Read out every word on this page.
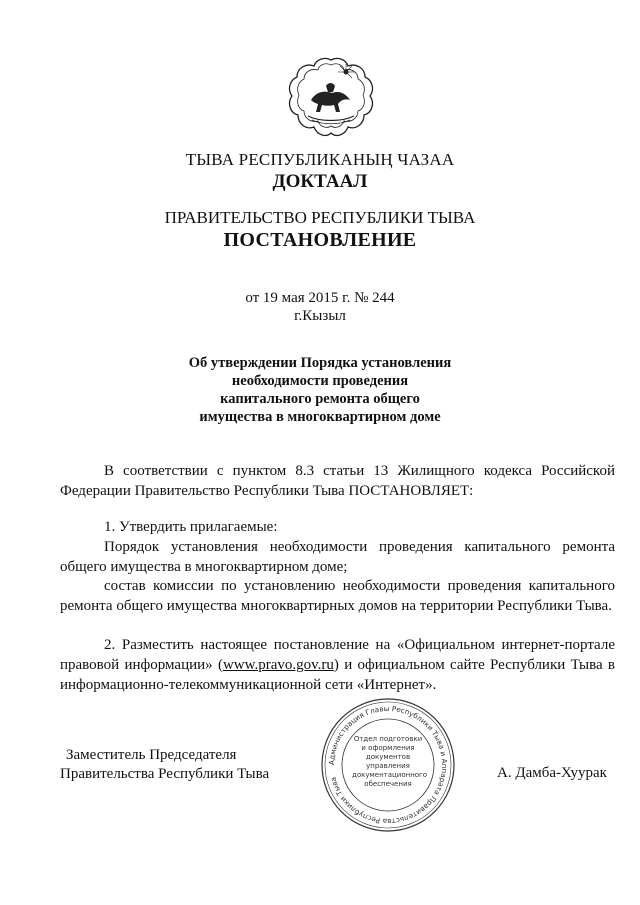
ТЫВА РЕСПУБЛИКАНЫҢ ЧАЗАА
ДОКТААЛ
ПРАВИТЕЛЬСТВО РЕСПУБЛИКИ ТЫВА
ПОСТАНОВЛЕНИЕ
от 19 мая 2015 г. № 244
г.Кызыл
Об утверждении Порядка установления
необходимости проведения
капитального ремонта общего
имущества в многоквартирном доме
В соответствии с пунктом 8.3 статьи 13 Жилищного кодекса Российской Федерации Правительство Республики Тыва ПОСТАНОВЛЯЕТ:
1. Утвердить прилагаемые:
Порядок установления необходимости проведения капитального ремонта общего имущества в многоквартирном доме;
состав комиссии по установлению необходимости проведения капитального ремонта общего имущества многоквартирных домов на территории Республики Тыва.
2. Разместить настоящее постановление на «Официальном интернет-портале правовой информации» (www.pravo.gov.ru) и официальном сайте Республики Тыва в информационно-телекоммуникационной сети «Интернет».
Заместитель Председателя
Правительства Республики Тыва
Администрация Главы Республики Тыва и Аппарата Правительства Республики Тыва
Отдел подготовки и оформления документов управления документационного обеспечения
А. Дамба-Хуурак
